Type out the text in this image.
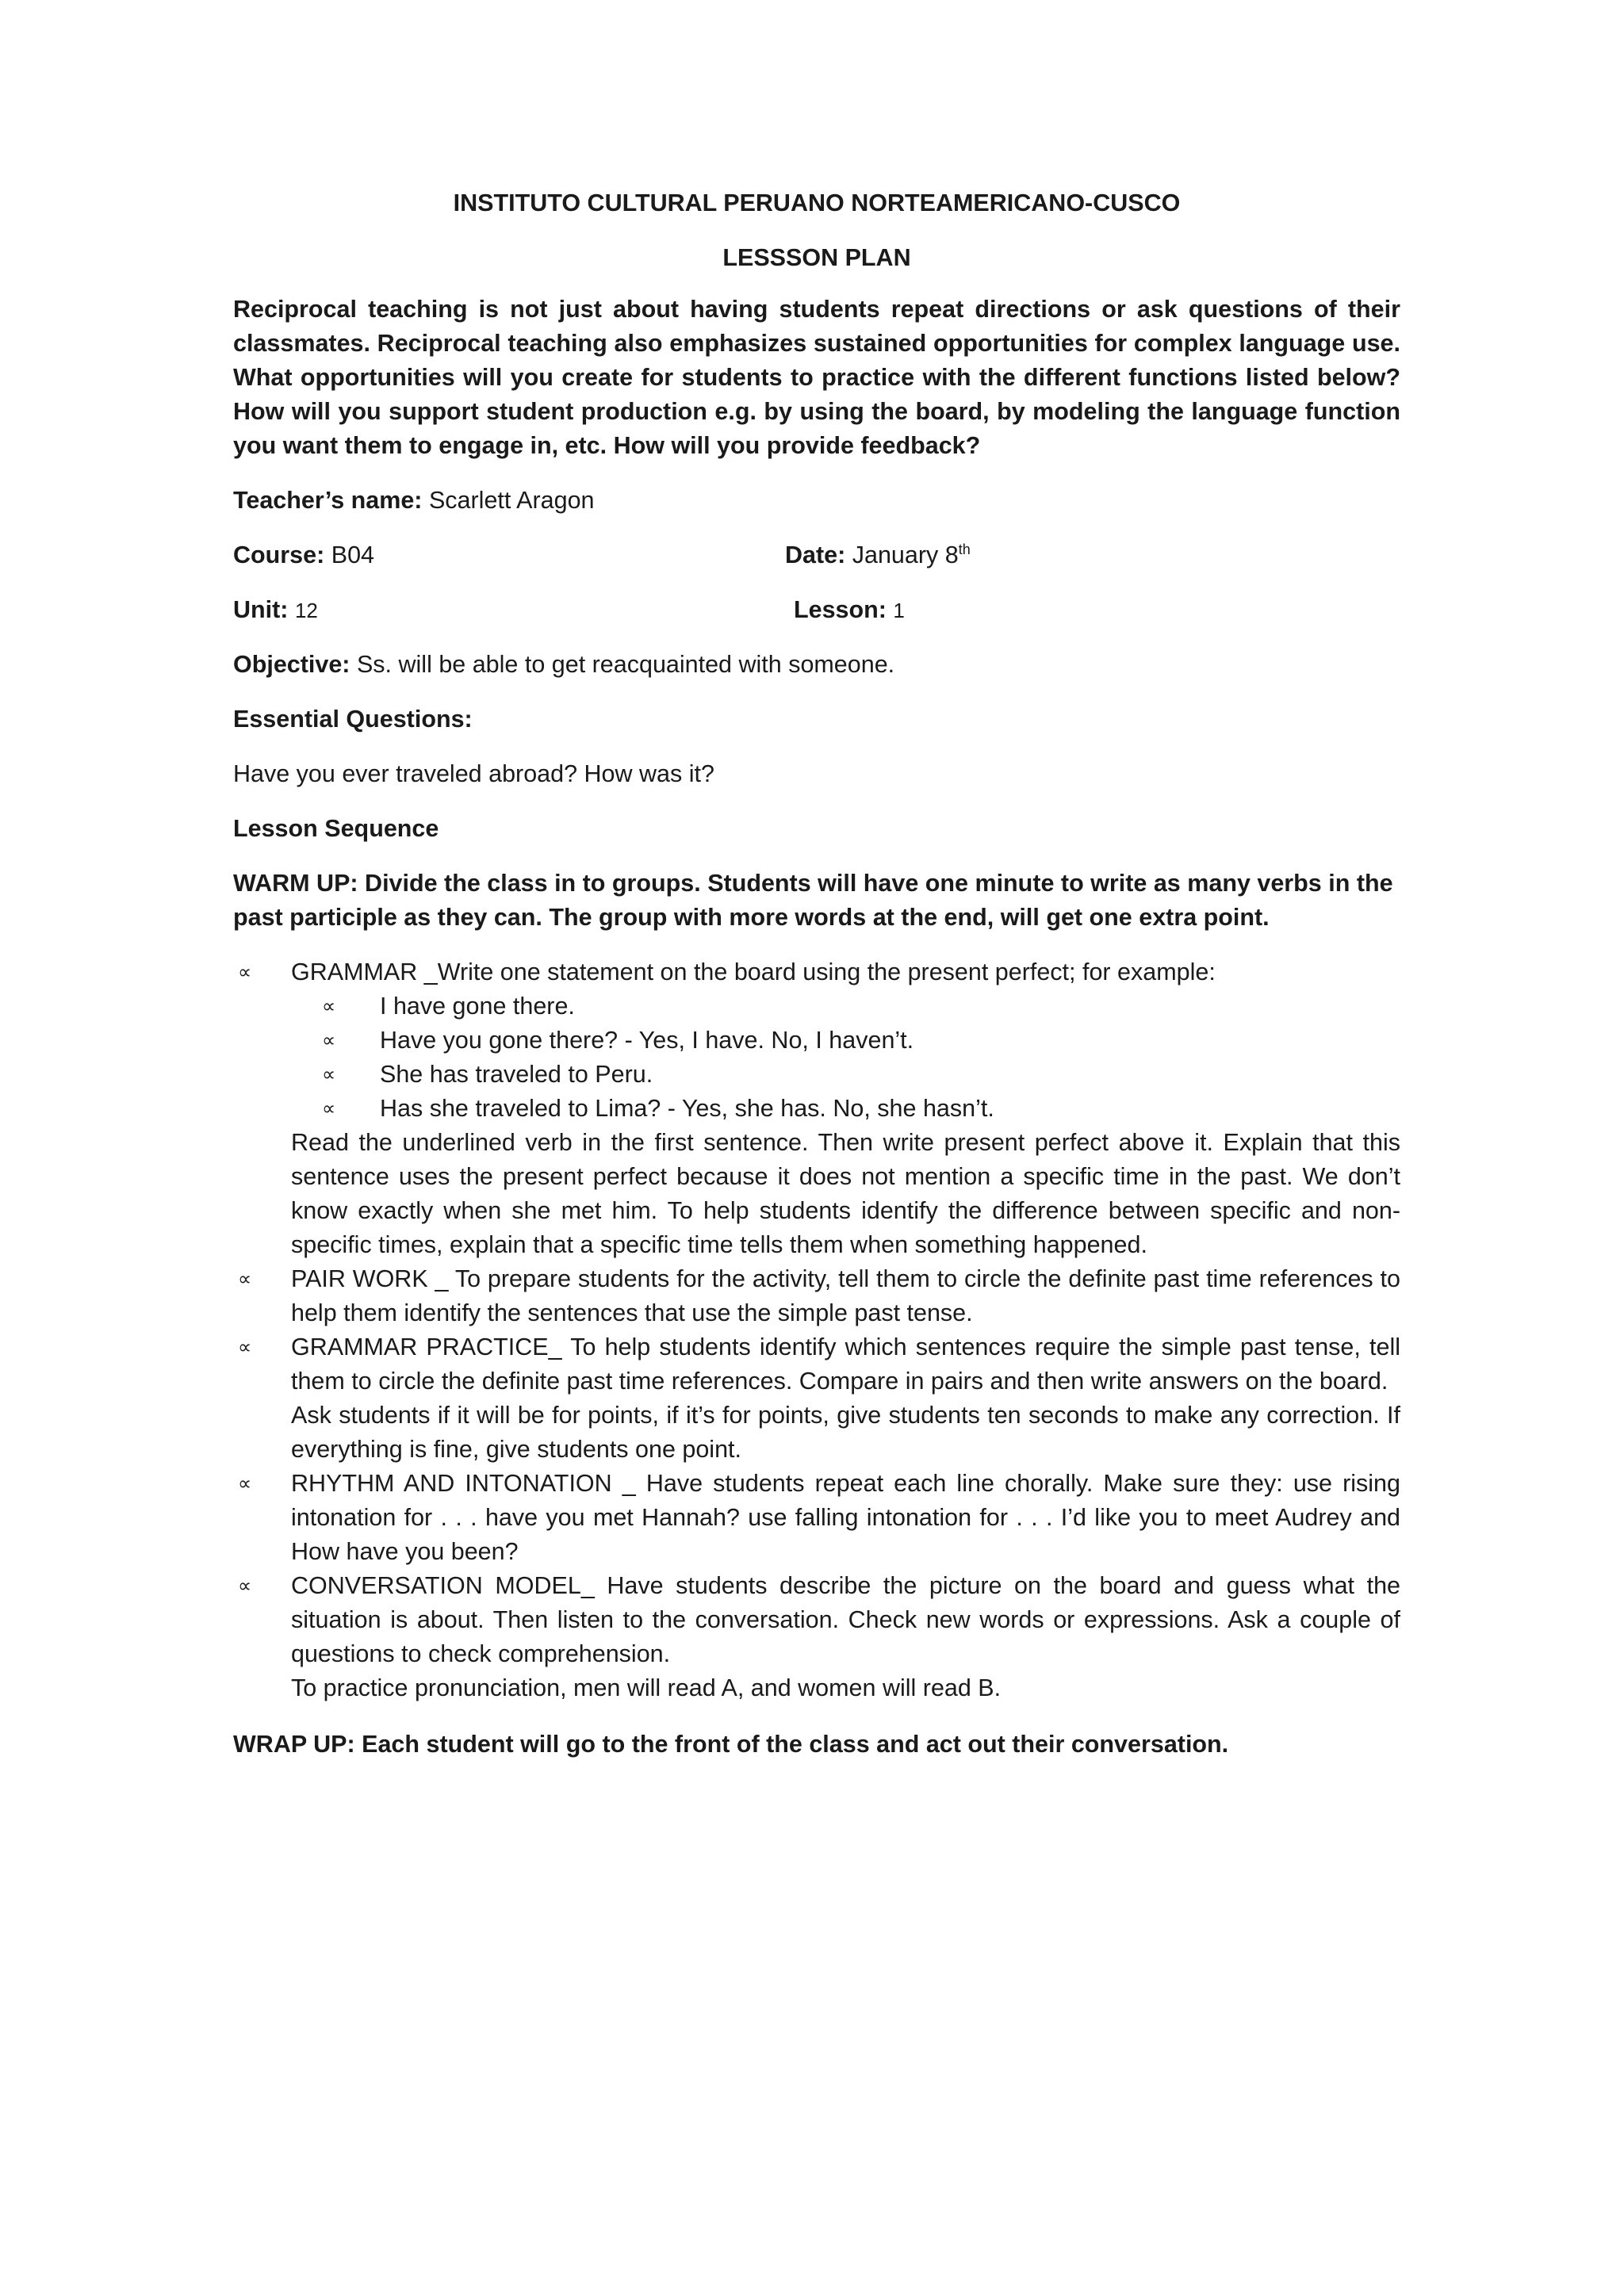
INSTITUTO CULTURAL PERUANO NORTEAMERICANO-CUSCO
LESSSON PLAN
Reciprocal teaching is not just about having students repeat directions or ask questions of their classmates. Reciprocal teaching also emphasizes sustained opportunities for complex language use. What opportunities will you create for students to practice with the different functions listed below? How will you support student production e.g. by using the board, by modeling the language function you want them to engage in, etc. How will you provide feedback?
Teacher’s name: Scarlett Aragon
Course: B04	Date: January 8th
Unit: 12	Lesson: 1
Objective: Ss. will be able to get reacquainted with someone.
Essential Questions:
Have you ever traveled abroad? How was it?
Lesson Sequence
WARM UP: Divide the class in to groups. Students will have one minute to write as many verbs in the past participle as they can. The group with more words at the end, will get one extra point.
∝ GRAMMAR _Write one statement on the board using the present perfect; for example:
∝ I have gone there.
∝ Have you gone there? - Yes, I have. No, I haven’t.
∝ She has traveled to Peru.
∝ Has she traveled to Lima? - Yes, she has. No, she hasn’t.
Read the underlined verb in the first sentence. Then write present perfect above it. Explain that this sentence uses the present perfect because it does not mention a specific time in the past. We don’t know exactly when she met him. To help students identify the difference between specific and non-specific times, explain that a specific time tells them when something happened.
∝ PAIR WORK _ To prepare students for the activity, tell them to circle the definite past time references to help them identify the sentences that use the simple past tense.
∝ GRAMMAR PRACTICE_ To help students identify which sentences require the simple past tense, tell them to circle the definite past time references. Compare in pairs and then write answers on the board.
Ask students if it will be for points, if it’s for points, give students ten seconds to make any correction. If everything is fine, give students one point.
∝ RHYTHM AND INTONATION _ Have students repeat each line chorally. Make sure they: use rising intonation for . . . have you met Hannah? use falling intonation for . . . I’d like you to meet Audrey and How have you been?
∝ CONVERSATION MODEL_ Have students describe the picture on the board and guess what the situation is about. Then listen to the conversation. Check new words or expressions. Ask a couple of questions to check comprehension.
To practice pronunciation, men will read A, and women will read B.
WRAP UP: Each student will go to the front of the class and act out their conversation.
